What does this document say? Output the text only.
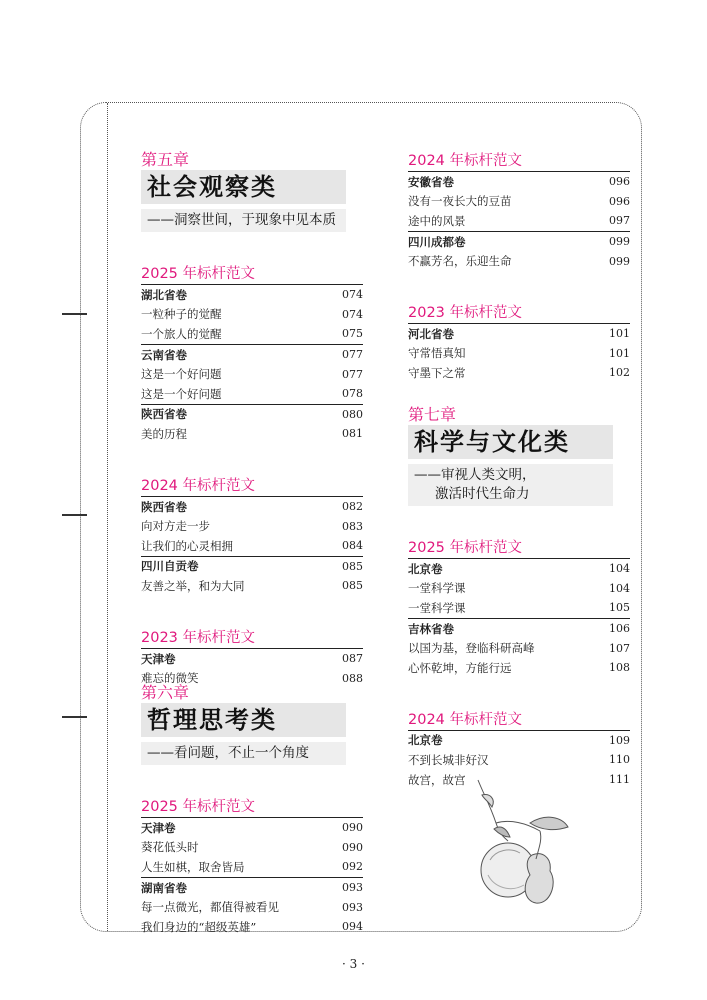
第五章
社会观察类
——洞察世间，于现象中见本质
2025 年标杆范文
湖北省卷	074
一粒种子的觉醒	074
一个旅人的觉醒	075
云南省卷	077
这是一个好问题	077
这是一个好问题	078
陕西省卷	080
美的历程	081
2024 年标杆范文
陕西省卷	082
向对方走一步	083
让我们的心灵相拥	084
四川自贡卷	085
友善之举，和为大同	085
2023 年标杆范文
天津卷	087
难忘的微笑	088
第六章
哲理思考类
——看问题，不止一个角度
2025 年标杆范文
天津卷	090
葵花低头时	090
人生如棋，取舍皆局	092
湖南省卷	093
每一点微光，都值得被看见	093
我们身边的“超级英雄”	094
2024 年标杆范文
安徽省卷	096
没有一夜长大的豆苗	096
途中的风景	097
四川成都卷	099
不赢芳名，乐迎生命	099
2023 年标杆范文
河北省卷	101
守常悟真知	101
守墨下之常	102
第七章
科学与文化类
——审视人类文明，
激活时代生命力
2025 年标杆范文
北京卷	104
一堂科学课	104
一堂科学课	105
吉林省卷	106
以国为基，登临科研高峰	107
心怀乾坤，方能行远	108
2024 年标杆范文
北京卷	109
不到长城非好汉	110
故宫，故宫	111
· 3 ·
